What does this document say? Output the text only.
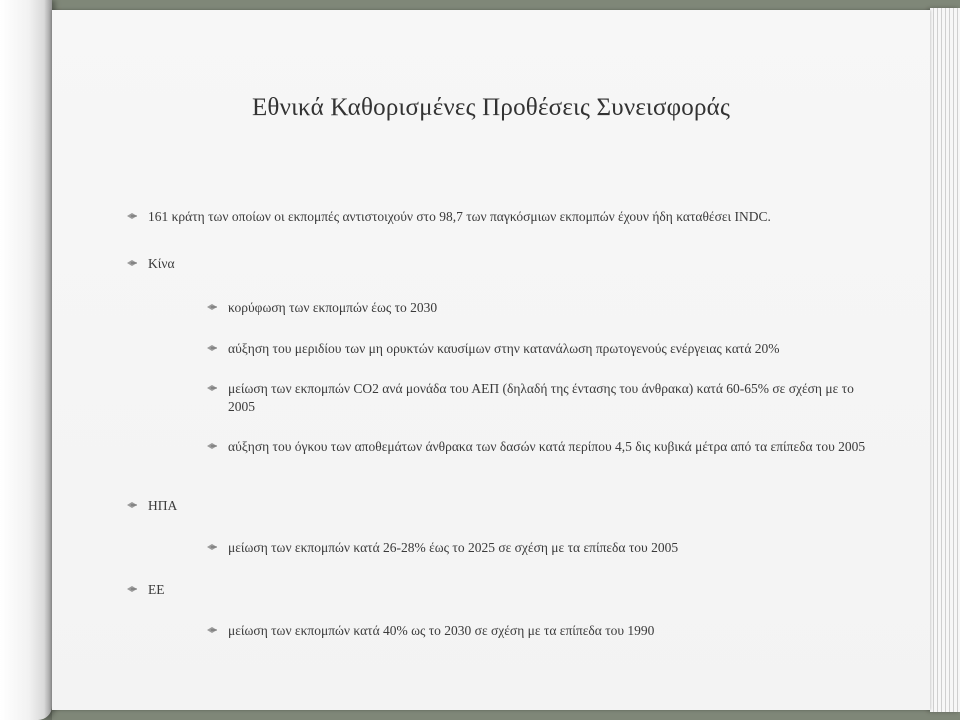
Εθνικά Καθορισμένες Προθέσεις Συνεισφοράς
161 κράτη των οποίων οι εκπομπές αντιστοιχούν στο 98,7 των παγκόσμιων εκπομπών έχουν ήδη καταθέσει INDC.
Κίνα
κορύφωση των εκπομπών έως το 2030
αύξηση του μεριδίου των μη ορυκτών καυσίμων στην κατανάλωση πρωτογενούς ενέργειας κατά 20%
μείωση των εκπομπών CO2 ανά μονάδα του ΑΕΠ (δηλαδή της έντασης του άνθρακα) κατά 60-65% σε σχέση με το 2005
αύξηση του όγκου των αποθεμάτων άνθρακα των δασών κατά περίπου 4,5 δις κυβικά μέτρα από τα επίπεδα του 2005
ΗΠΑ
μείωση των εκπομπών κατά 26-28% έως το 2025 σε σχέση με τα επίπεδα του 2005
ΕΕ
μείωση των εκπομπών κατά 40% ως το 2030 σε σχέση με τα επίπεδα του 1990
